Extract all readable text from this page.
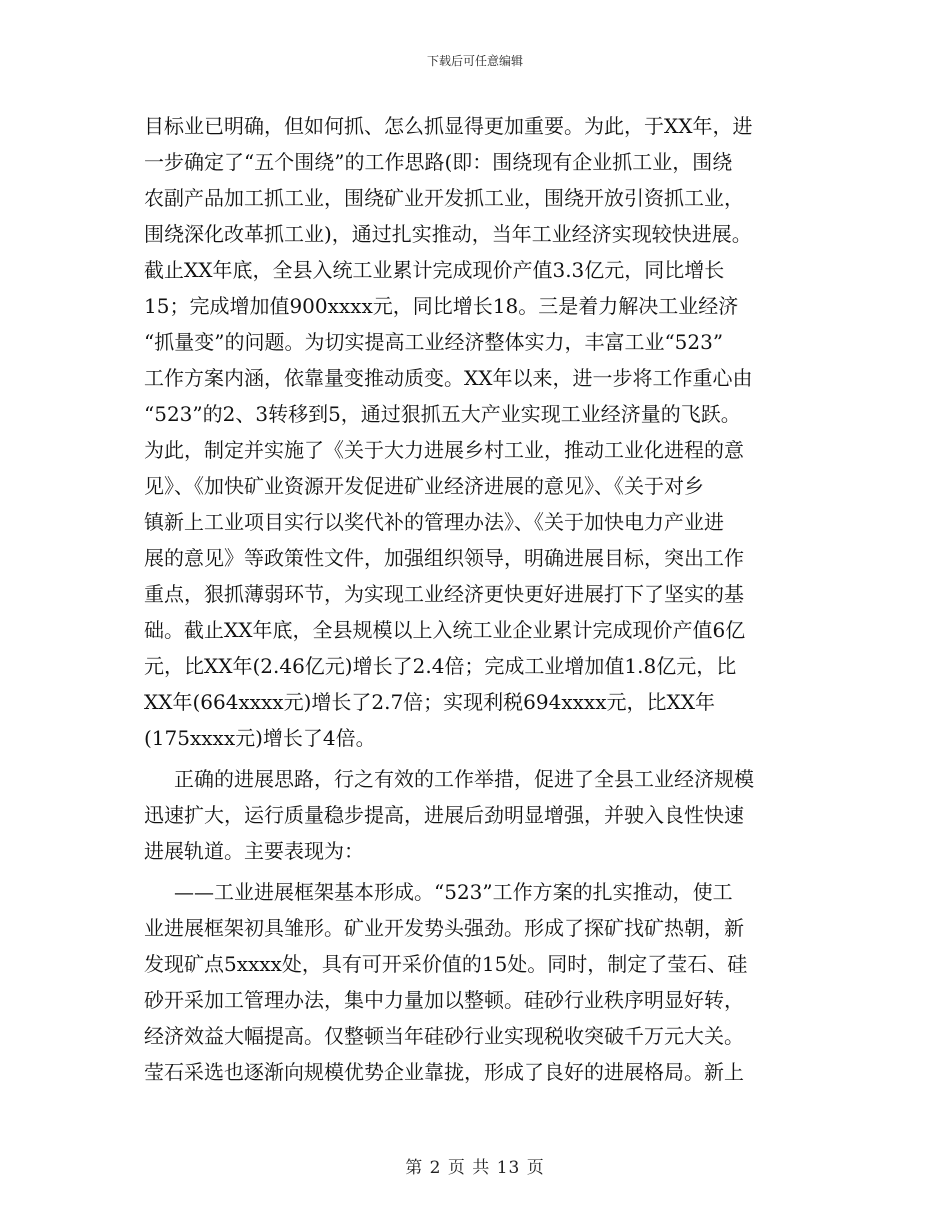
下载后可任意编辑
目标业已明确，但如何抓、怎么抓显得更加重要。为此，于XX年，进
一步确定了“五个围绕”的工作思路(即：围绕现有企业抓工业，围绕
农副产品加工抓工业，围绕矿业开发抓工业，围绕开放引资抓工业，
围绕深化改革抓工业)，通过扎实推动，当年工业经济实现较快进展。
截止XX年底，全县入统工业累计完成现价产值3.3亿元，同比增长
15；完成增加值900xxxx元，同比增长18。三是着力解决工业经济
“抓量变”的问题。为切实提高工业经济整体实力，丰富工业“523”
工作方案内涵，依靠量变推动质变。XX年以来，进一步将工作重心由
“523”的2、3转移到5，通过狠抓五大产业实现工业经济量的飞跃。
为此，制定并实施了《关于大力进展乡村工业，推动工业化进程的意
见》、《加快矿业资源开发促进矿业经济进展的意见》、《关于对乡
镇新上工业项目实行以奖代补的管理办法》、《关于加快电力产业进
展的意见》等政策性文件，加强组织领导，明确进展目标，突出工作
重点，狠抓薄弱环节，为实现工业经济更快更好进展打下了坚实的基
础。截止XX年底，全县规模以上入统工业企业累计完成现价产值6亿
元，比XX年(2.46亿元)增长了2.4倍；完成工业增加值1.8亿元，比
XX年(664xxxx元)增长了2.7倍；实现利税694xxxx元，比XX年
(175xxxx元)增长了4倍。
正确的进展思路，行之有效的工作举措，促进了全县工业经济规模
迅速扩大，运行质量稳步提高，进展后劲明显增强，并驶入良性快速
进展轨道。主要表现为：
——工业进展框架基本形成。“523”工作方案的扎实推动，使工
业进展框架初具雏形。矿业开发势头强劲。形成了探矿找矿热朝，新
发现矿点5xxxx处，具有可开采价值的15处。同时，制定了莹石、硅
砂开采加工管理办法，集中力量加以整顿。硅砂行业秩序明显好转，
经济效益大幅提高。仅整顿当年硅砂行业实现税收突破千万元大关。
莹石采选也逐渐向规模优势企业靠拢，形成了良好的进展格局。新上
第 2 页 共 13 页
